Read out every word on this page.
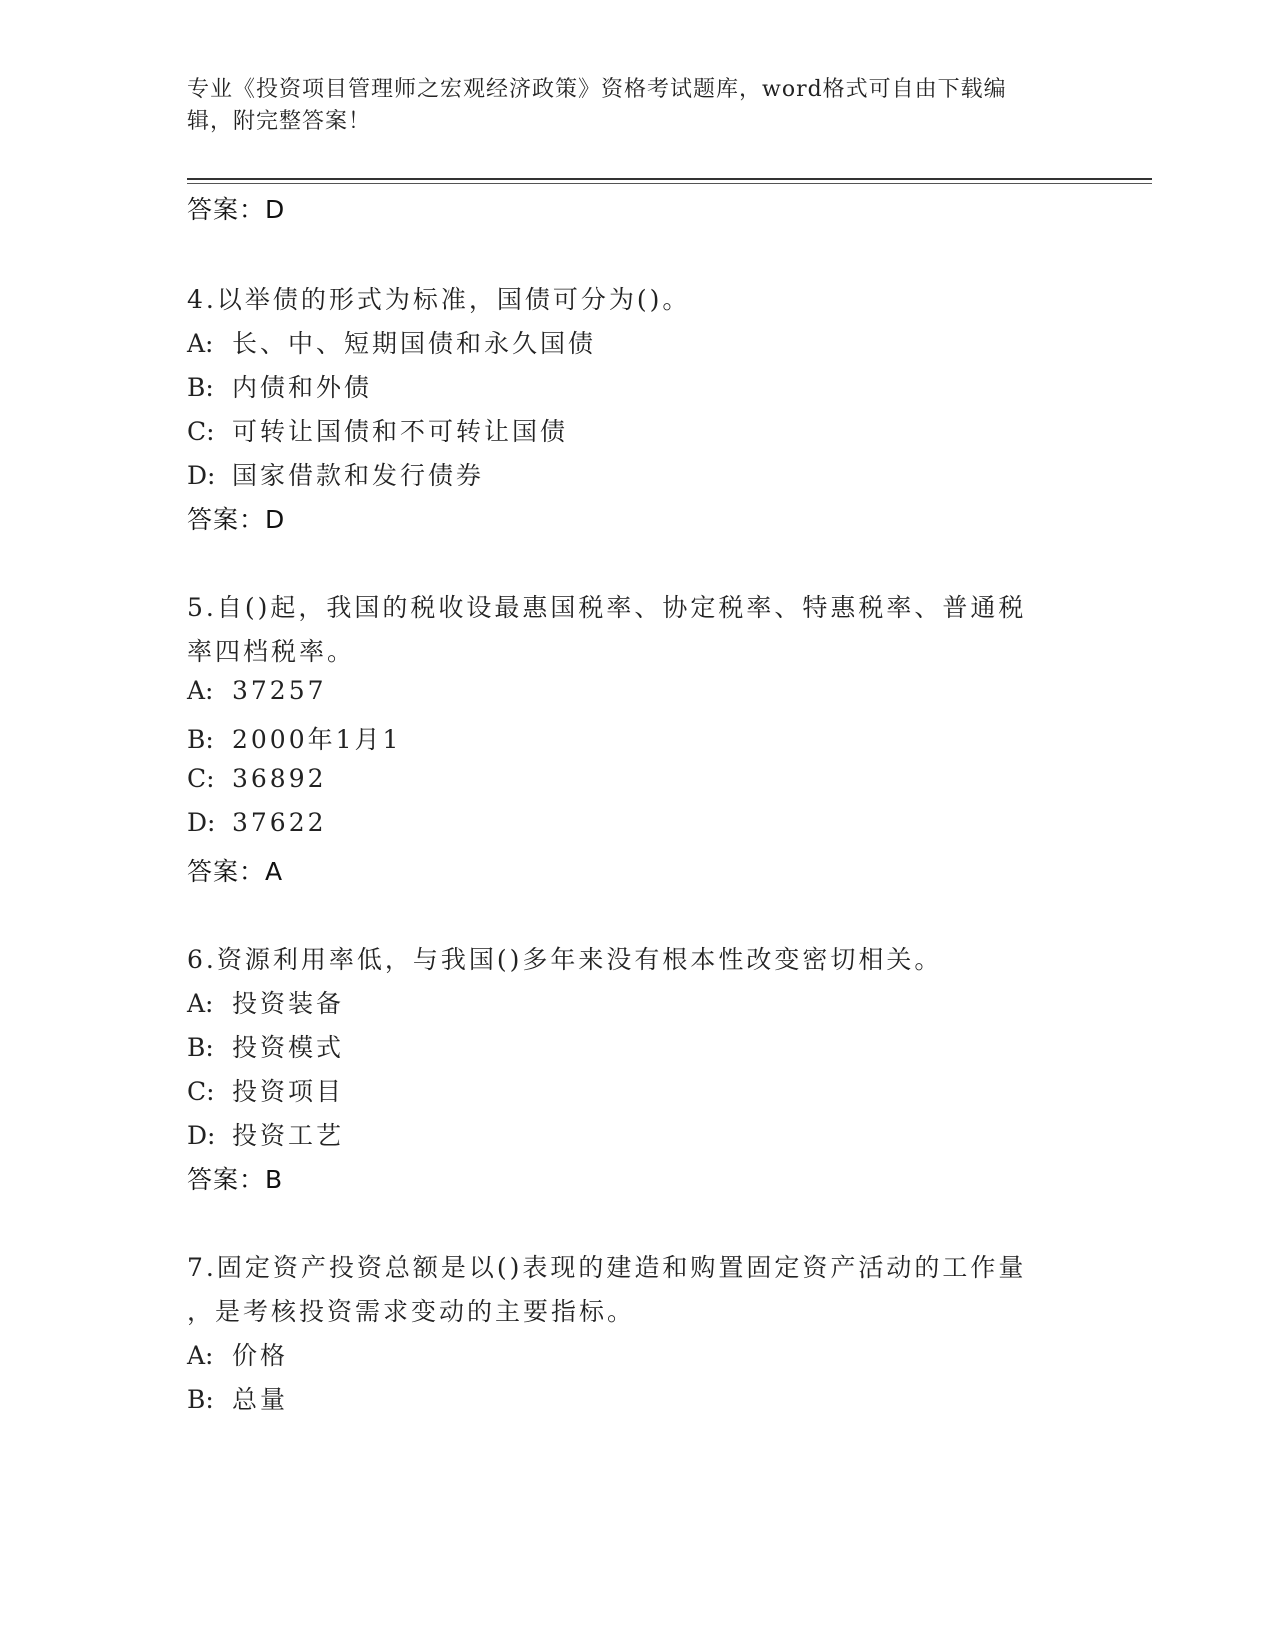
专业《投资项目管理师之宏观经济政策》资格考试题库，word格式可自由下载编
辑，附完整答案！
答案：D
4.以举债的形式为标准，国债可分为()。
A: 长、中、短期国债和永久国债
B: 内债和外债
C: 可转让国债和不可转让国债
D: 国家借款和发行债券
答案：D
5.自()起，我国的税收设最惠国税率、协定税率、特惠税率、普通税
率四档税率。
A: 37257
B: 2000年1月1
C: 36892
D: 37622
答案：A
6.资源利用率低，与我国()多年来没有根本性改变密切相关。
A: 投资装备
B: 投资模式
C: 投资项目
D: 投资工艺
答案：B
7.固定资产投资总额是以()表现的建造和购置固定资产活动的工作量
，是考核投资需求变动的主要指标。
A: 价格
B: 总量
